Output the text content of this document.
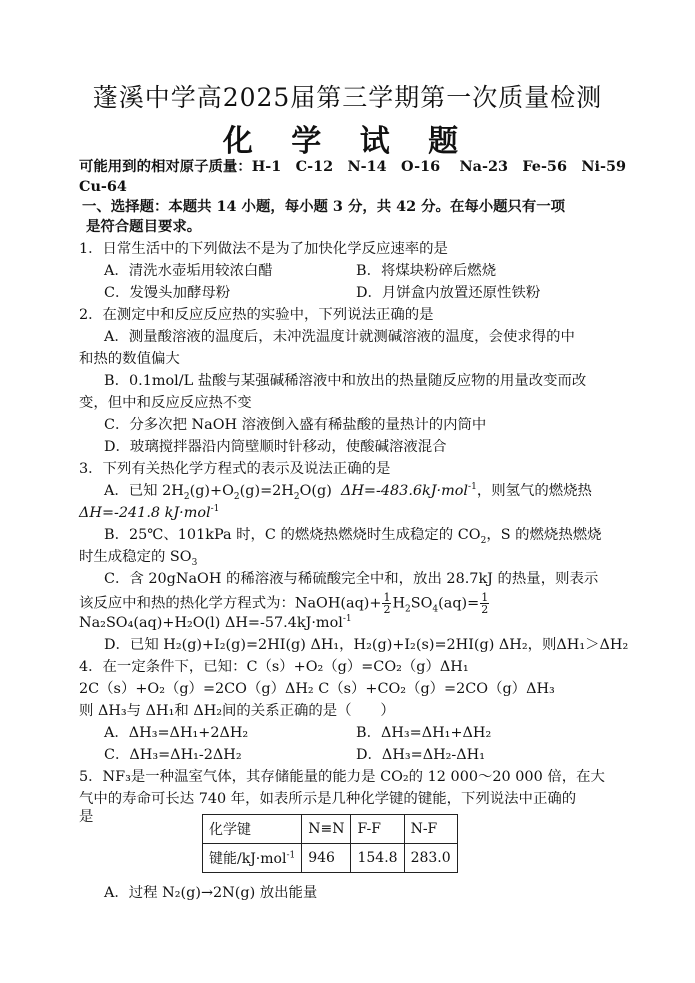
蓬溪中学高2025届第三学期第一次质量检测
化 学 试 题
可能用到的相对原子质量：H-1　C-12　N-14　O-16　 Na-23　Fe-56　Ni-59
Cu-64
一、选择题：本题共 14 小题，每小题 3 分，共 42 分。在每小题只有一项
是符合题目要求。
1．日常生活中的下列做法不是为了加快化学反应速率的是
A．清洗水壶垢用较浓白醋	B．将煤块粉碎后燃烧
C．发馒头加酵母粉	D．月饼盒内放置还原性铁粉
2．在测定中和反应反应热的实验中，下列说法正确的是
A．测量酸溶液的温度后，未冲洗温度计就测碱溶液的温度，会使求得的中
和热的数值偏大
B．0.1mol/L 盐酸与某强碱稀溶液中和放出的热量随反应物的用量改变而改
变，但中和反应反应热不变
C．分多次把 NaOH 溶液倒入盛有稀盐酸的量热计的内筒中
D．玻璃搅拌器沿内筒壁顺时针移动，使酸碱溶液混合
3．下列有关热化学方程式的表示及说法正确的是
A．已知 $2H_2(g)+O_2(g)=2H_2O(g)$ ΔH=-483.6kJ·mol$^{-1}$，则氢气的燃烧热
ΔH=-241.8 kJ·mol$^{-1}$
B．25℃、101kPa 时，C 的燃烧热燃烧时生成稳定的 $CO_2$，S 的燃烧热燃烧
时生成稳定的 $SO_3$
C．含 20gNaOH 的稀溶液与稀硫酸完全中和，放出 28.7kJ 的热量，则表示
该反应中和热的热化学方程式为：NaOH(aq)+ $\frac{1}{2} H_2SO_4(aq)= \frac{1}{2}$
Na₂SO₄(aq)+H₂O(l) ΔH=-57.4kJ·mol$^{-1}$
D．已知 H₂(g)+I₂(g)=2HI(g) ΔH₁，H₂(g)+I₂(s)=2HI(g) ΔH₂，则ΔH₁＞ΔH₂
4．在一定条件下，已知：C（s）+O₂（g）=CO₂（g）ΔH₁
2C（s）+O₂（g）=2CO（g）ΔH₂ C（s）+CO₂（g）=2CO（g）ΔH₃
则 ΔH₃与 ΔH₁和 ΔH₂间的关系正确的是（　　）
A．ΔH₃=ΔH₁+2ΔH₂	B．ΔH₃=ΔH₁+ΔH₂
C．ΔH₃=ΔH₁-2ΔH₂	D．ΔH₃=ΔH₂-ΔH₁
5．NF₃是一种温室气体，其存储能量的能力是 CO₂的 12 000～20 000 倍，在大
气中的寿命可长达 740 年，如表所示是几种化学键的键能，下列说法中正确的
是
化学键	N≡N	F-F	N-F
键能/kJ·mol$^{-1}$	946	154.8	283.0
A．过程 N₂(g)→2N(g) 放出能量
